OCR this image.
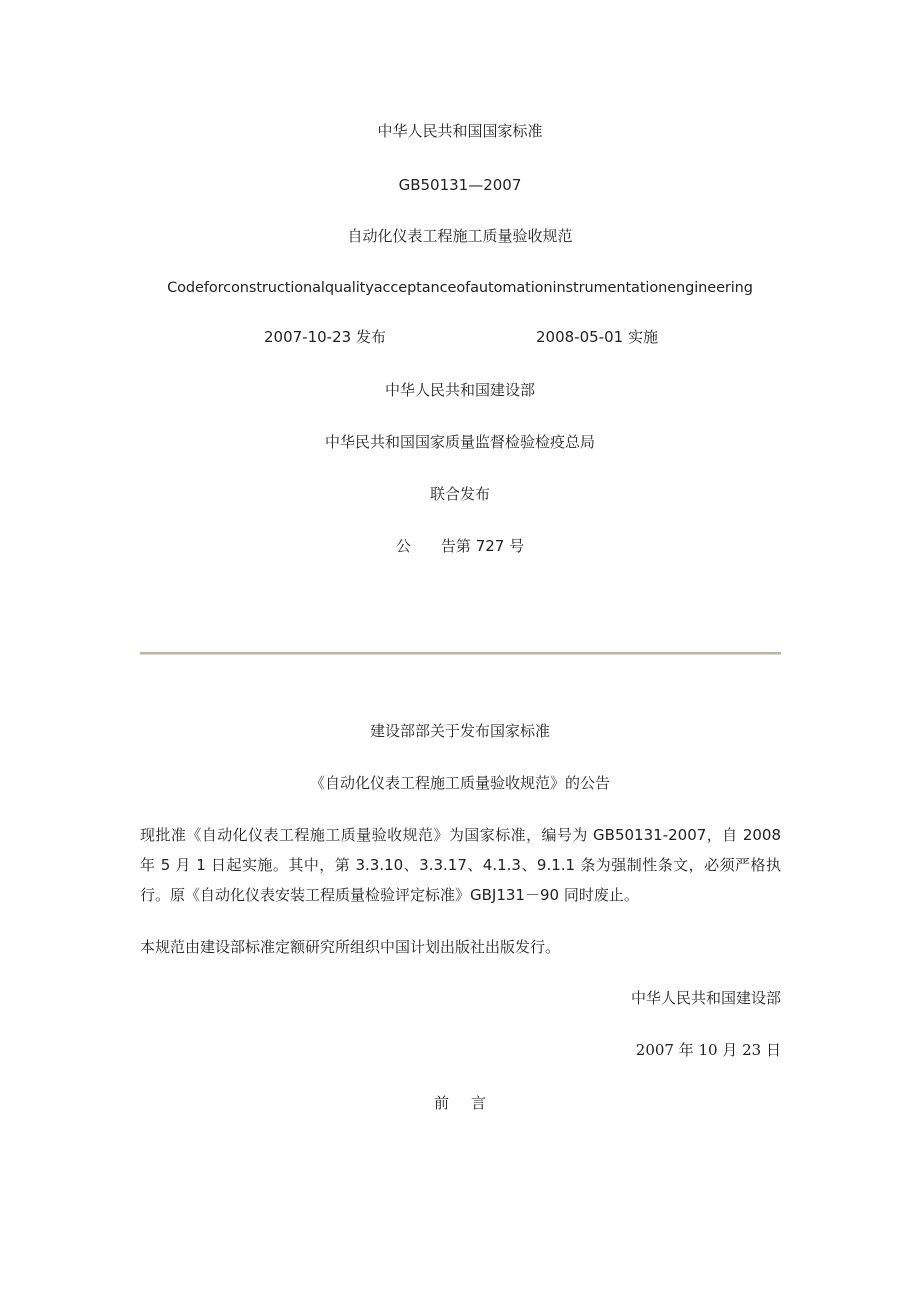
中华人民共和国国家标准
GB50131—2007
自动化仪表工程施工质量验收规范
Codeforconstructionalqualityacceptanceofautomationinstrumentationengineering
2007-10-23 发布	2008-05-01 实施
中华人民共和国建设部
中华民共和国国家质量监督检验检疫总局
联合发布
公 告第 727 号
建设部部关于发布国家标准
《自动化仪表工程施工质量验收规范》的公告
现批准《自动化仪表工程施工质量验收规范》为国家标准，编号为 GB50131-2007，自 2008 年 5 月 1 日起实施。其中，第 3.3.10、3.3.17、4.1.3、9.1.1 条为强制性条文，必须严格执行。原《自动化仪表安装工程质量检验评定标准》GBJ131－90 同时废止。
本规范由建设部标准定额研究所组织中国计划出版社出版发行。
中华人民共和国建设部
2007 年 10 月 23 日
前 言
